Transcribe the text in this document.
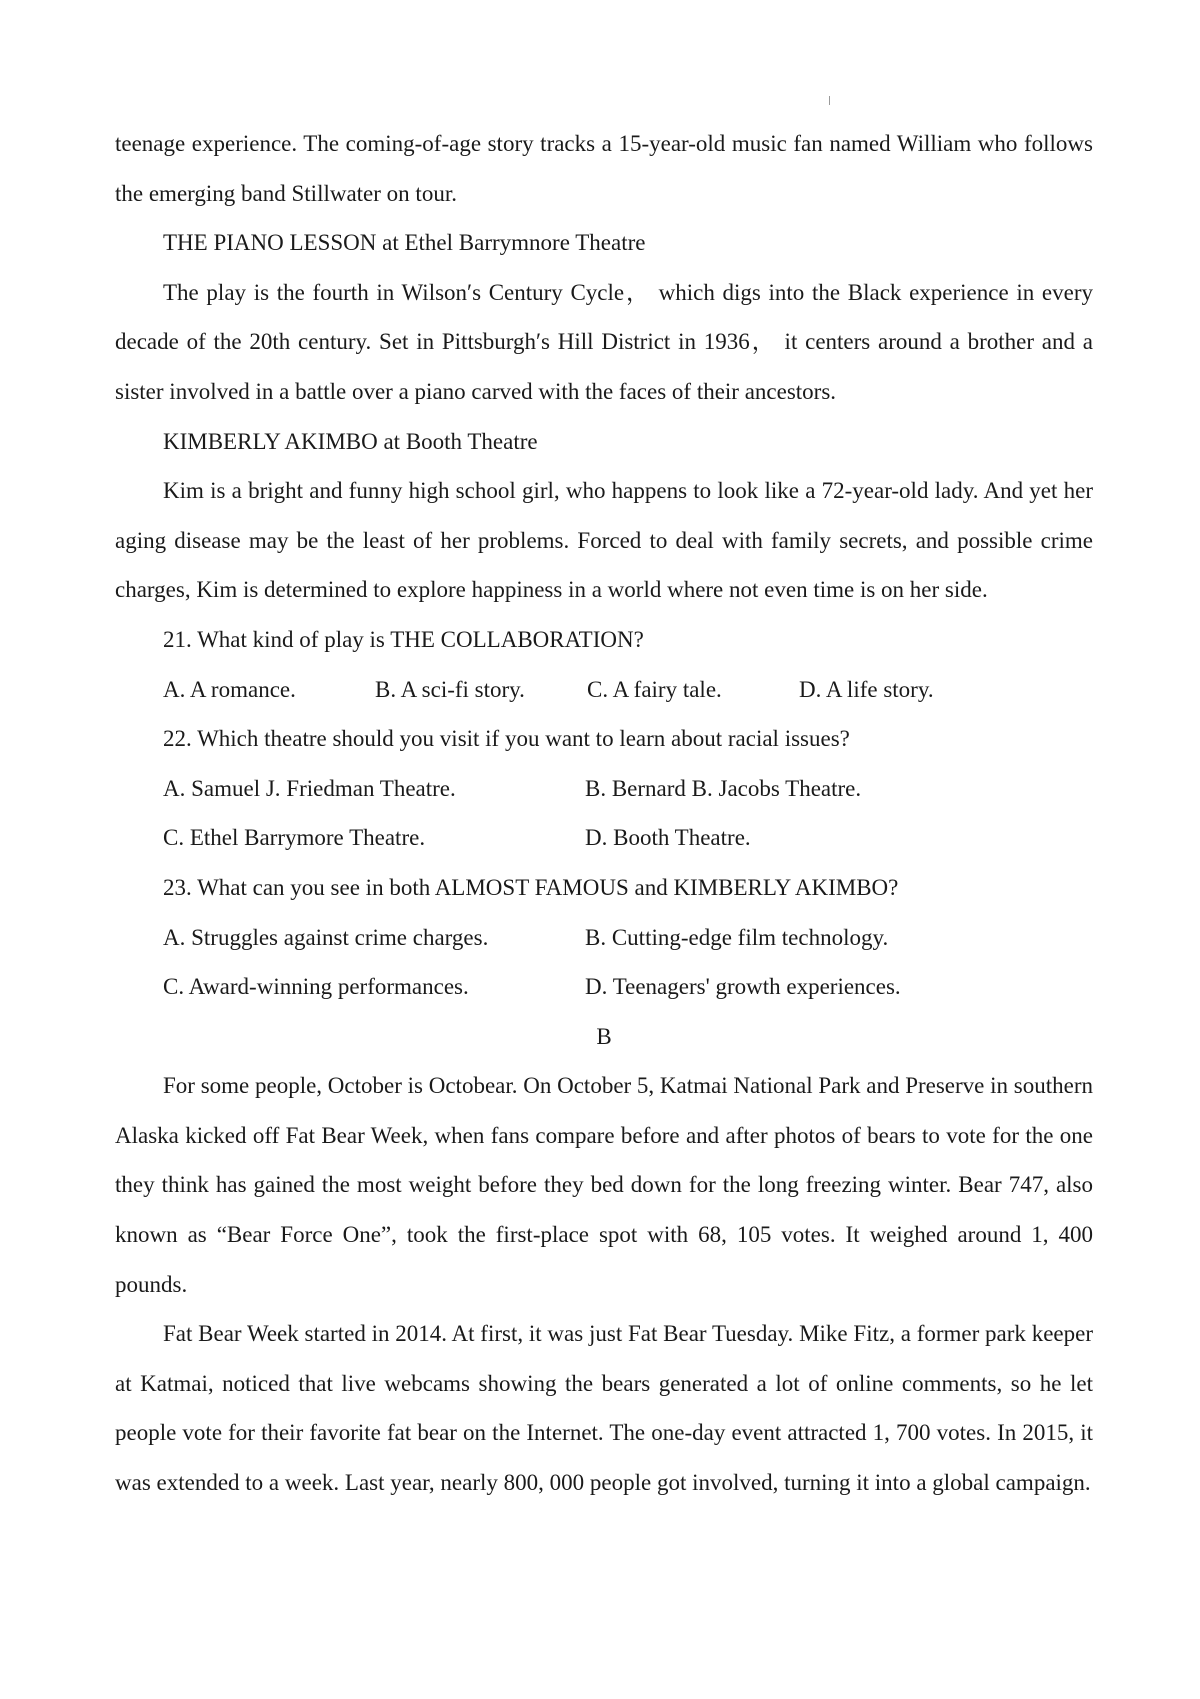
teenage experience. The coming-of-age story tracks a 15-year-old music fan named William who follows the emerging band Stillwater on tour.

THE PIANO LESSON at Ethel Barrymnore Theatre

The play is the fourth in Wilson′s Century Cycle， which digs into the Black experience in every decade of the 20th century. Set in Pittsburgh′s Hill District in 1936， it centers around a brother and a sister involved in a battle over a piano carved with the faces of their ancestors.

KIMBERLY AKIMBO at Booth Theatre

Kim is a bright and funny high school girl, who happens to look like a 72-year-old lady. And yet her aging disease may be the least of her problems. Forced to deal with family secrets, and possible crime charges, Kim is determined to explore happiness in a world where not even time is on her side.

21. What kind of play is THE COLLABORATION?

A. A romance.	B. A sci-fi story.	C. A fairy tale.	D. A life story.

22. Which theatre should you visit if you want to learn about racial issues?

A. Samuel J. Friedman Theatre.	B. Bernard B. Jacobs Theatre.
C. Ethel Barrymore Theatre.	D. Booth Theatre.

23. What can you see in both ALMOST FAMOUS and KIMBERLY AKIMBO?

A. Struggles against crime charges.	B. Cutting-edge film technology.
C. Award-winning performances.	D. Teenagers' growth experiences.

B

For some people, October is Octobear. On October 5, Katmai National Park and Preserve in southern Alaska kicked off Fat Bear Week, when fans compare before and after photos of bears to vote for the one they think has gained the most weight before they bed down for the long freezing winter. Bear 747, also known as “Bear Force One”, took the first-place spot with 68, 105 votes. It weighed around 1, 400 pounds.

Fat Bear Week started in 2014. At first, it was just Fat Bear Tuesday. Mike Fitz, a former park keeper at Katmai, noticed that live webcams showing the bears generated a lot of online comments, so he let people vote for their favorite fat bear on the Internet. The one-day event attracted 1, 700 votes. In 2015, it was extended to a week. Last year, nearly 800, 000 people got involved, turning it into a global campaign.
